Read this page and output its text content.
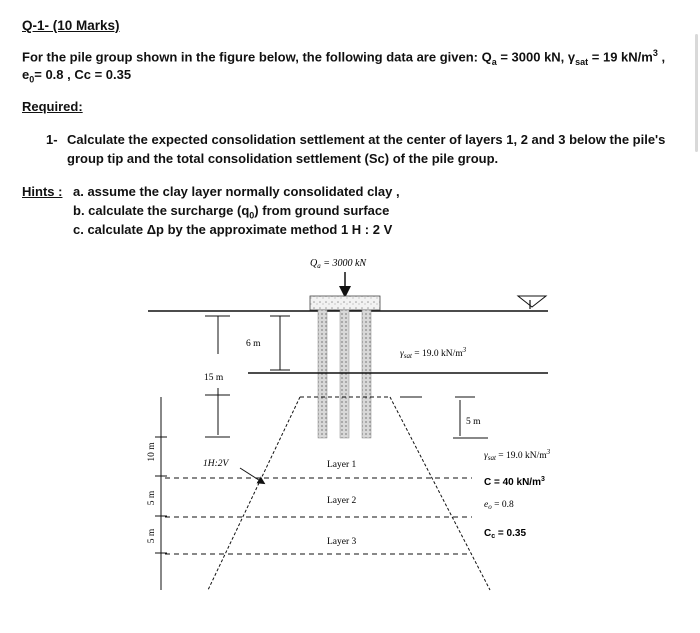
Q-1- (10 Marks)
For the pile group shown in the figure below, the following data are given: $Q_a = 3000$ kN, $\gamma_{sat} = 19$ $kN/m^3$ ,
$e_0= 0.8$ , Cc = 0.35
Required:
1- Calculate the expected consolidation settlement at the center of layers 1, 2 and 3 below the pile's
group tip and the total consolidation settlement (Sc) of the pile group.
Hints : a. assume the clay layer normally consolidated clay ,
b. calculate the surcharge $(q_0)$ from ground surface
c. calculate Δp by the approximate method 1 H : 2 V
$Q_a = 3000$ kN
6 m
15 m
5 m
1H:2V
10 m
5 m
5 m
Layer 1
Layer 2
Layer 3
$\gamma_{sat} = 19.0$ $kN/m^3$
$\gamma_{sat} = 19.0$ $kN/m^3$
C = 40 $kN/m^3$
$e_o = 0.8$
$C_c = 0.35$
